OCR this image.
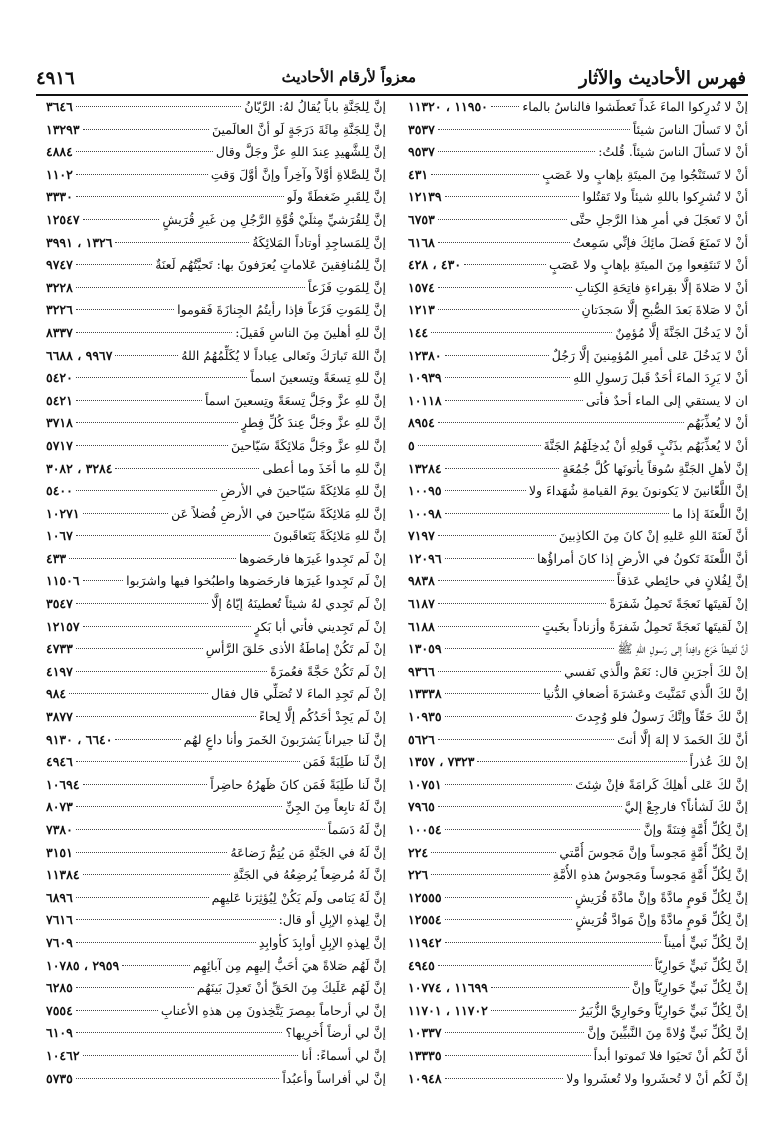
فهرس الأحاديث والآثار
معزواً لأرقام الأحاديث
٤٩١٦
إنْ لا تُدرِكوا الماءَ غَداً تَعطَشوا فالناسُ بالماء
١١٩٥٠ ، ١١٣٢٠
أنْ لا تَسألَ الناسَ شيئاً
٣٥٣٧
أنْ لا تَسألَ الناسَ شيئاً. قُلتُ:
٩٥٣٧
أنْ لا تَستَنْجُوا مِنَ الميتَةِ بإهابٍ ولا عَصَبٍ
٤٣١
أنْ لا تُشرِكوا باللهِ شيئاً ولا تَقتُلوا
١٢١٣٩
أنْ لا تَعجَلَ في أمرِ هذا الرَّجلِ حتَّى
٦٧٥٣
أنْ لا تَمنَعَ فَضلَ مائِكَ فإنِّي سَمِعتُ
٦١٦٨
أنْ لا تَنتَفِعوا مِنَ الميتَةِ بإهابٍ ولا عَصَبٍ
٤٣٠ ، ٤٢٨
أنْ لا صَلاةَ إلَّا بقِراءةِ فاتِحَةِ الكِتابِ
١٥٧٤
أنْ لا صَلاةَ بَعدَ الصُّبحِ إلَّا سَجدَتانِ
١٢١٣
أنْ لا يَدخُلَ الجَنَّةَ إلَّا مُؤمِنٌ
١٤٤
أنْ لا يَدخُلَ عَلى أميرِ المُؤمِنينَ إلَّا رَجُلٌ
١٢٣٨٠
أنْ لا يَرِدَ الماءَ أحَدٌ قَبلَ رَسولِ اللهِ
١٠٩٣٩
ان لا يستقي إلى الماء أحدٌ فأتى
١٠١١٨
أنْ لا يُعذِّبَهُم
٨٩٥٤
أنْ لا يُعذِّبَهُم بذَنْبٍ قَولِهِ أنْ يُدخِلَهُمُ الجَنَّةَ
٥
إنَّ لأهلِ الجَنَّةِ سُوقاً يأتونَها كُلَّ جُمُعَةٍ
١٣٢٨٤
إنَّ اللَّعّانينَ لا يَكونونَ يومَ القيامةِ شُهَداءَ ولا
١٠٠٩٥
إنَّ اللَّعنَةَ إذا ما
١٠٠٩٨
أنَّ لَعنَةَ اللهِ عَليهِ إنْ كانَ مِنَ الكاذِبينَ
٧١٩٧
أنَّ اللَّعنَةَ تَكونُ في الأرضِ إذا كانَ أمراؤُها
١٢٠٩٦
إنَّ لِفُلانٍ في حائِطي عَذقاً
٩٨٣٨
إنْ لَقيتَها نَعجَةً تَحمِلُ شَفرَةً
٦١٨٧
إنْ لَقيتَها نَعجَةً تَحمِلُ شَفرَةً وأزناداً بخَبتٍ
٦١٨٨
أنَّ لَقيطاً خَرَجَ وافِداً إلى رَسولِ اللهِ ﷺ
١٣٠٥٩
إنْ لكَ أجرَينِ قال: نَعَمْ والَّذي نَفسي
٩٣٦٦
إنَّ لكَ الَّذي تَمَنَّيتَ وعَشرَةَ أضعافِ الدُّنيا
١٣٣٣٨
إنَّ لكَ حَقّاً وإنَّكَ رَسولُ فلو وُجِدتَ
١٠٩٣٥
أنَّ لكَ الحَمدَ لا إلهَ إلَّا أنتَ
٥٦٢٦
إنْ لكَ عُذراً
٧٣٢٣ ، ١٣٥٧
إنَّ لكَ عَلى أهلِكَ كَرامَةً فإنْ شِئتَ
١٠٧٥١
إنَّ لكَ لَشأناً؟ فارجِعْ إليَّ
٧٩٦٥
إنَّ لِكُلِّ أُمَّةٍ فِتنَةً وإنَّ
١٠٠٥٤
إنَّ لِكُلِّ أُمَّةٍ مَجوساً وإنَّ مَجوسَ أُمَّتي
٢٢٤
إنَّ لِكُلِّ أُمَّةٍ مَجوساً ومَجوسُ هذهِ الأُمَّةِ
٢٢٦
إنَّ لِكُلِّ قَومٍ مادَّةً وإنَّ مادَّةَ قُرَيشٍ
١٢٥٥٥
إنَّ لِكُلِّ قَومٍ مادَّةً وإنَّ مَوادَّ قُرَيشٍ
١٢٥٥٤
إنَّ لِكُلِّ نَبيٍّ أميناً
١١٩٤٢
إنَّ لِكُلِّ نَبيٍّ حَوارِيّاً
٤٩٤٥
إنَّ لِكُلِّ نَبيٍّ حَوارِيّاً وإنَّ
١١٦٩٩ ، ١٠٧٧٤
إنَّ لِكُلِّ نَبيٍّ حَوارِيّاً وحَوارِيَّ الزُّبَيرُ
١١٧٠٢ ، ١١٧٠١
إنَّ لِكُلِّ نَبيٍّ وُلاةً مِنَ النَّبيِّينَ وإنَّ
١٠٣٣٧
أنَّ لَكُم أنْ تَحيَوا فلا تَموتوا أبداً
١٣٣٣٥
إنَّ لَكُم أنْ لا تُحشَروا ولا تُعشَروا ولا
١٠٩٤٨
إنَّ لِلجَنَّةِ باباً يُقالُ لهُ: الرَّيّانُ
٣٦٤٦
إنَّ لِلجَنَّةِ مِائَةَ دَرَجَةٍ لَو أنَّ العالَمينَ
١٣٢٩٣
إنَّ لِلشَّهيدِ عِندَ اللهِ عزَّ وجَلَّ وقال
٤٨٨٤
إنَّ لِلصَّلاةِ أوَّلاً وآخِراً وإنَّ أوَّلَ وَقتِ
١١٠٢
إنَّ لِلقَبرِ ضَغطَةً ولَو
٣٣٣٠
إنَّ لِلقُرَشيِّ مِثلَيْ قُوَّةِ الرَّجُلِ مِن غَيرِ قُرَيشٍ
١٢٥٤٧
إنَّ لِلمَساجِدِ أوتاداً المَلائِكَةُ
١٣٢٦ ، ٣٩٩١
إنَّ لِلمُنافِقينَ عَلاماتٍ يُعرَفونَ بها: تَحيَّتُهُم لَعنَةٌ
٩٧٤٧
إنَّ لِلمَوتِ فَزَعاً
٣٢٢٨
إنَّ لِلمَوتِ فَزَعاً فإذا رأيتُمُ الجِنازَةَ فَقوموا
٣٢٢٦
إنَّ للهِ أهلينَ مِنَ الناسِ فَقيلَ:
٨٣٣٧
إنَّ اللهَ تَبارَكَ وتَعالى عِباداً لا يُكَلِّمُهُمُ اللهُ
٩٩٦٧ ، ٦٦٨٨
إنَّ للهِ تِسعَةً وتِسعينَ اسماً
٥٤٢٠
إنَّ للهِ عزَّ وجَلَّ تِسعَةً وتِسعينَ اسماً
٥٤٢١
إنَّ للهِ عزَّ وجَلَّ عِندَ كُلِّ فِطرٍ
٣٧١٨
إنَّ للهِ عزَّ وجَلَّ مَلائِكَةً سَيّاحينَ
٥٧١٧
إنَّ للهِ ما أخَذَ وما أعطى
٣٢٨٤ ، ٣٠٨٢
إنَّ للهِ مَلائِكَةً سَيّاحينَ في الأرضِ
٥٤٠٠
إنَّ للهِ مَلائِكَةً سَيّاحينَ في الأرضِ فُضلاً عَن
١٠٢٧١
إنَّ للهِ مَلائِكَةً يَتَعاقَبونَ
١٠٦٧
إنْ لَم تَجِدوا غَيرَها فارحَضوها
٤٣٣
إنْ لَم تَجِدوا غَيرَها فارحَضوها واطبُخوا فيها واشرَبوا
١١٥٠٦
إنْ لَم تَجِدي لهُ شيئاً تُعطينَهُ إيّاهُ إلَّا
٣٥٤٧
إنْ لَم تَجِديني فأتي أبا بَكرٍ
١٢١٥٧
إنْ لَم تَكُنْ إماطَةُ الأذى حَلقَ الرَّأسِ
٤٧٣٣
إنْ لَم تَكُنْ حَجَّةً فعُمرَةً
٤١٩٧
إنْ لَم تَجِدِ الماءَ لا تُصَلِّي قال فقال
٩٨٤
إنْ لَم يَجِدْ أحَدُكُم إلَّا لِحاءً
٣٨٧٧
إنَّ لَنا جيراناً يَشرَبونَ الخَمرَ وأنا داعٍ لهُم
٦٦٤٠ ، ٩١٣٠
إنَّ لَنا طَلِبَةً فَمَن
٤٩٤٦
إنَّ لَنا طَلِبَةً فَمَن كانَ ظَهرُهُ حاضِراً
١٠٦٩٤
إنَّ لَهُ تابِعاً مِنَ الجِنِّ
٨٠٧٣
إنَّ لَهُ دَسَماً
٧٣٨٠
إنَّ لَهُ في الجَنَّةِ مَن يُتِمُّ رَضاعَهُ
٣١٥١
إنَّ لَهُ مُرضِعاً يُرضِعُهُ في الجَنَّةِ
١١٣٨٤
إنَّ لَهُ يَتامى ولَم يَكُنْ لِيُؤثِرَنا عَليهِم
٦٨٩٦
إنَّ لِهذهِ الإبِلِ أو قال:
٧٦١٦
إنَّ لِهذهِ الإبِلِ أوابِدَ كأوابِدِ
٧٦٠٩
إنَّ لَهُم صَلاةً هيَ أحَبُّ إليهِم مِن آبائِهِم
٢٩٥٩ ، ١٠٧٨٥
إنَّ لَهُم عَلَيكَ مِنَ الحَقِّ أنْ تَعدِلَ بَينَهُم
٦٢٨٥
إنَّ لي أرحاماً بمِصرَ يَتَّخِذونَ مِن هذهِ الأعنابِ
٧٥٥٤
إنَّ لي أرضاً أُخرِيها؟
٦١٠٩
إنَّ لي أسماءً: أنا
١٠٤٦٢
إنَّ لي أفراساً وأعبُداً
٥٧٣٥
